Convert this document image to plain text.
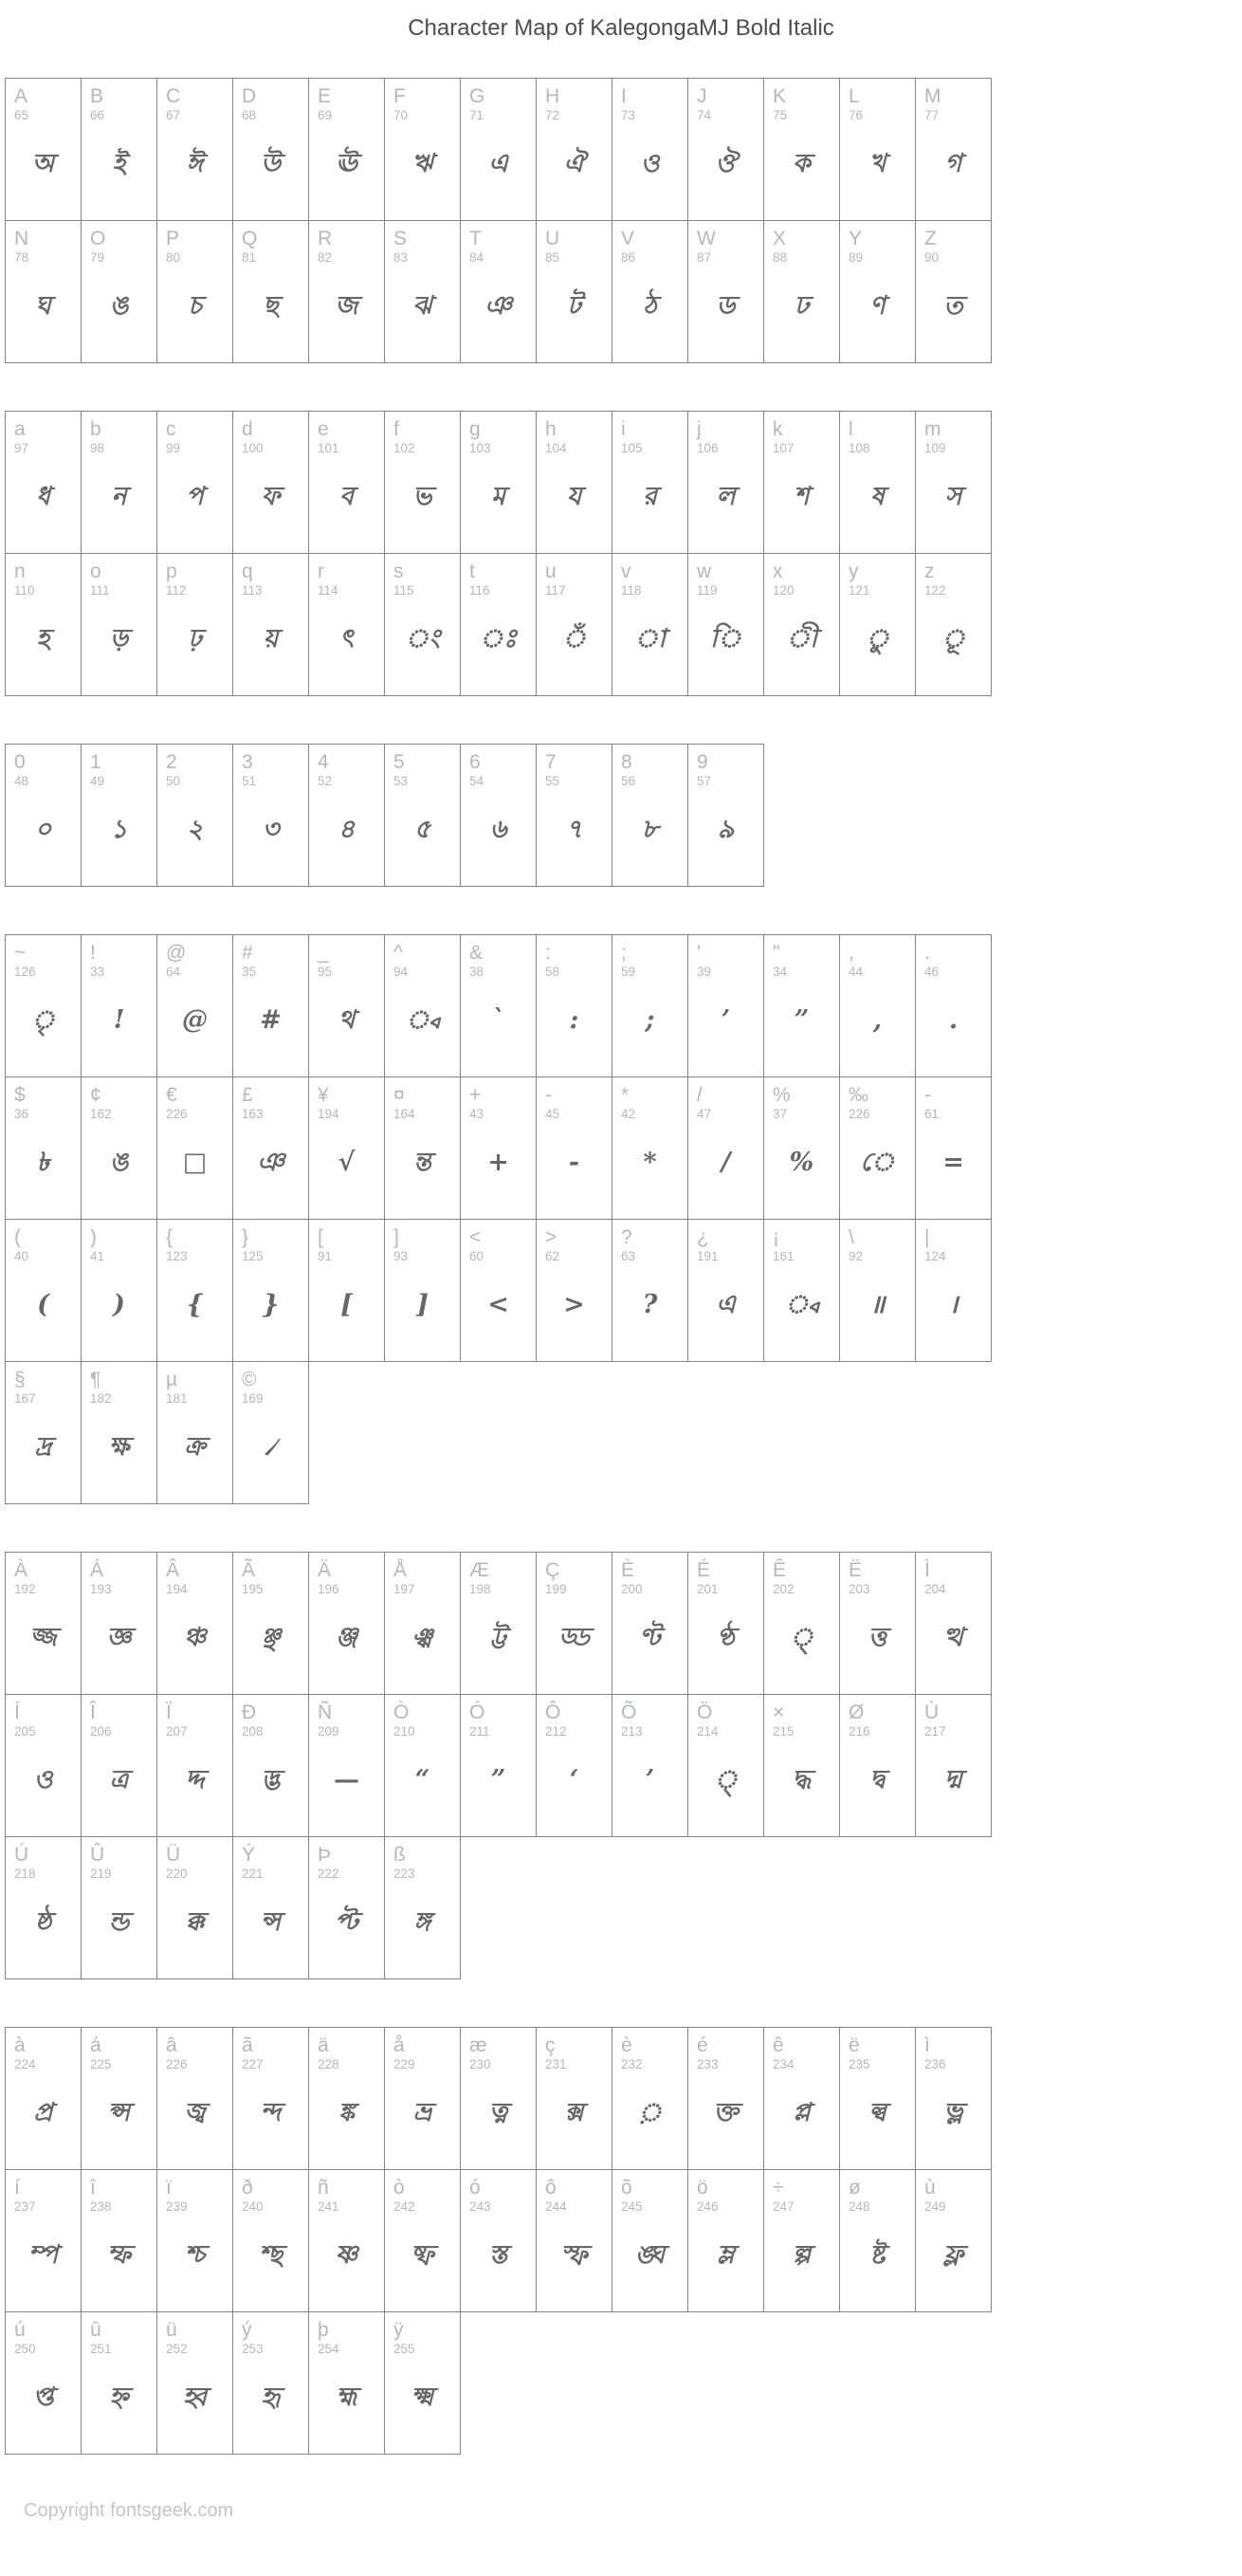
Character Map of KalegongaMJ Bold Italic
A
65
অ

B
66
ই

C
67
ঈ

D
68
উ

E
69
ঊ

F
70
ঋ

G
71
এ

H
72
ঐ

I
73
ও

J
74
ঔ

K
75
ক

L
76
খ

M
77
গ

N
78
ঘ

O
79
ঙ

P
80
চ

Q
81
ছ

R
82
জ

S
83
ঝ

T
84
ঞ

U
85
ট

V
86
ঠ

W
87
ড

X
88
ঢ

Y
89
ণ

Z
90
ত
a
97
ধ

b
98
ন

c
99
প

d
100
ফ

e
101
ব

f
102
ভ

g
103
ম

h
104
য

i
105
র

j
106
ল

k
107
শ

l
108
ষ

m
109
স

n
110
হ

o
111
ড়

p
112
ঢ়

q
113
য়

r
114
ৎ

s
115
ং

t
116
ঃ

u
117
ঁ

v
118
া

w
119
ি

x
120
ী

y
121
ু

z
122
ূ
0
48
০

1
49
১

2
50
২

3
51
৩

4
52
৪

5
53
৫

6
54
৬

7
55
৭

8
56
৮

9
57
৯
~
126
ৃ

!
33
!

@
64
@

#
35
#

_
95
থ

^
94
্ব

&
38
`

:
58
:

;
59
;

'
39
’

"
34
”

,
44
,

.
46
.

$
36
৳

¢
162
ঙ

€
226
□

£
163
ঞ

¥
194
√

¤
164
ন্ত

+
43
+

-
45
-

*
42
*

/
47
/

%
37
%

‰
226
ে

-
61
=

(
40
(

)
41
)

{
123
{

}
125
}

[
91
[

]
93
]

<
60
<

>
62
>

?
63
?

¿
191
এ

¡
161
্ব

\
92
॥

|
124
।

§
167
দ্র

¶
182
ক্ষ

µ
181
ক্র

©
169
৴
À
192
জ্জ

Á
193
জ্ঞ

Â
194
ঞ্চ

Ã
195
ঞ্ছ

Ä
196
ঞ্জ

Å
197
ঞ্ঝ

Æ
198
ট্ট

Ç
199
ড্ড

È
200
ণ্ট

É
201
ণ্ঠ

Ê
202
্

Ë
203
ত্ত

Ì
204
ত্থ

Í
205
ও

Î
206
ত্র

Ï
207
দ্দ

Ð
208
দ্ভ

Ñ
209
—

Ò
210
“

Ó
211
”

Ô
212
‘

Õ
213
’

Ö
214
্

×
215
দ্ধ

Ø
216
দ্ব

Ù
217
দ্ম

Ú
218
ষ্ঠ

Û
219
ন্ড

Ü
220
ক্ক

Ý
221
ন্স

Þ
222
প্ট

ß
223
ঙ্গ
à
224
প্র

á
225
প্স

â
226
জ্ব

ã
227
ন্দ

ä
228
ঙ্ক

å
229
ভ্র

æ
230
ত্ন

ç
231
ক্স

è
232
়

é
233
ক্ত

ê
234
প্ল

ë
235
ল্ব

ì
236
ভ্ল

í
237
ম্প

î
238
ম্ফ

ï
239
শ্চ

ð
240
শ্ছ

ñ
241
ষ্ণ

ò
242
ষ্ফ

ó
243
স্ত

ô
244
স্ফ

õ
245
ঙ্ঘ

ö
246
ম্ল

÷
247
ল্প

ø
248
ষ্ট

ù
249
ফ্ল

ú
250
প্ত

û
251
হ্ন

ü
252
হ্ব

ý
253
হৃ

þ
254
হ্ম

ÿ
255
ক্ষ্ম
Copyright fontsgeek.com
